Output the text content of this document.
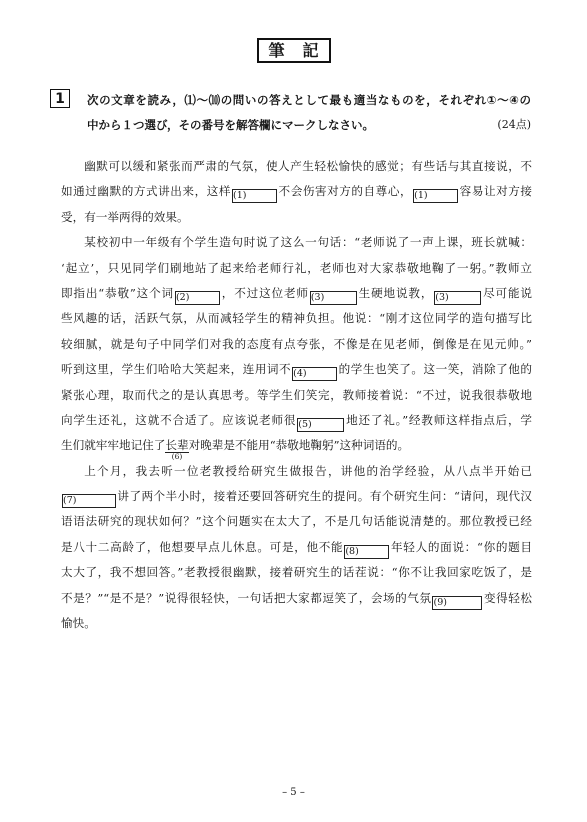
筆　記
1 次の文章を読み，⑴～⑽の問いの答えとして最も適当なものを，それぞれ①～④の
中から１つ選び，その番号を解答欄にマークしなさい。	(24点)
幽默可以缓和紧张而严肃的气氛，使人产生轻松愉快的感觉；有些话与其直接说，不
如通过幽默的方式讲出来，这样 (1)	不会伤害对方的自尊心， (1)	容易让对方接
受，有一举两得的效果。
某校初中一年级有个学生造句时说了这么一句话：“老师说了一声上课，班长就喊：
‘起立’，只见同学们刷地站了起来给老师行礼，老师也对大家恭敬地鞠了一躬。”教师立
即指出“恭敬”这个词 (2)	，不过这位老师 (3)	生硬地说教， (3)	尽可能说
些风趣的话，活跃气氛，从而减轻学生的精神负担。他说：“刚才这位同学的造句描写比
较细腻，就是句子中同学们对我的态度有点夸张，不像是在见老师，倒像是在见元帅。”
听到这里，学生们哈哈大笑起来，连用词不 (4)	的学生也笑了。这一笑，消除了他的
紧张心理，取而代之的是认真思考。等学生们笑完，教师接着说：“不过，说我很恭敬地
向学生还礼，这就不合适了。应该说老师很 (5)	地还了礼。”经教师这样指点后，学
生们就牢牢地记住了长辈
(6)
对晚辈是不能用“恭敬地鞠躬”这种词语的。
上个月，我去听一位老教授给研究生做报告，讲他的治学经验，从八点半开始已
(7)	讲了两个半小时，接着还要回答研究生的提问。有个研究生问：“请问，现代汉
语语法研究的现状如何？”这个问题实在太大了，不是几句话能说清楚的。那位教授已经
是八十二高龄了，他想要早点儿休息。可是，他不能 (8)	年轻人的面说：“你的题目
太大了，我不想回答。”老教授很幽默，接着研究生的话茬说：“你不让我回家吃饭了，是
不是？”“是不是？”说得很轻快，一句话把大家都逗笑了，会场的气氛 (9)	变得轻松
愉快。
– 5 –
